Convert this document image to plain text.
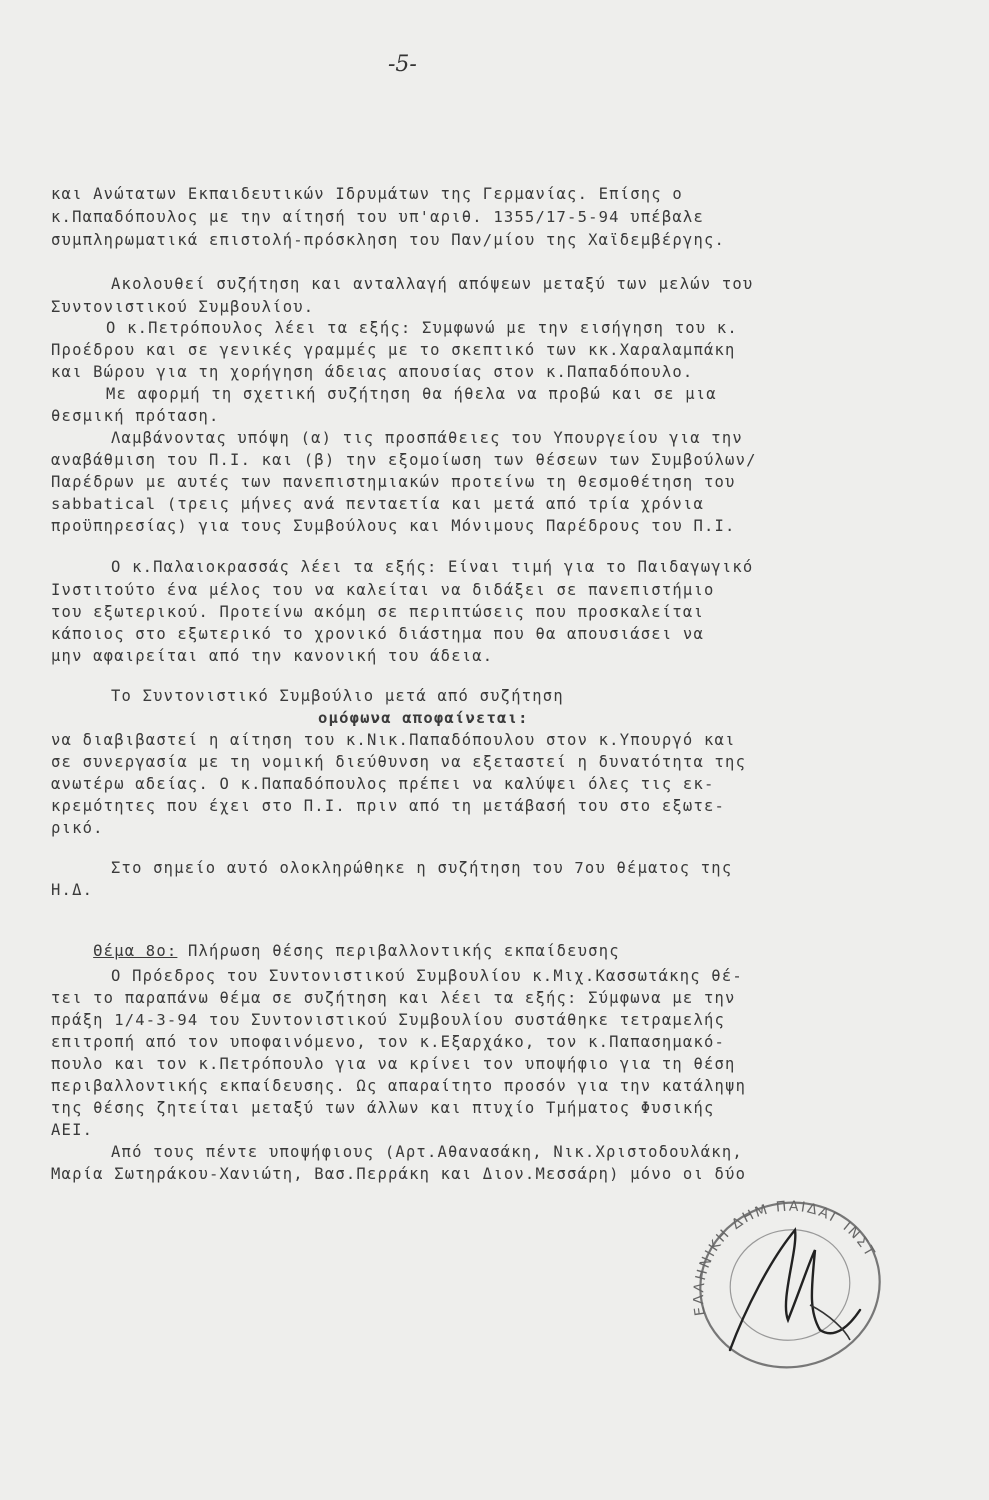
-5-
και Ανώτατων Εκπαιδευτικών Ιδρυμάτων της Γερμανίας. Επίσης ο
κ.Παπαδόπουλος με την αίτησή του υπ'αριθ. 1355/17-5-94 υπέβαλε
συμπληρωματικά επιστολή-πρόσκληση του Παν/μίου της Χαϊδεμβέργης.
Ακολουθεί συζήτηση και ανταλλαγή απόψεων μεταξύ των μελών του
Συντονιστικού Συμβουλίου.
Ο κ.Πετρόπουλος λέει τα εξής: Συμφωνώ με την εισήγηση του κ.
Προέδρου και σε γενικές γραμμές με το σκεπτικό των κκ.Χαραλαμπάκη
και Βώρου για τη χορήγηση άδειας απουσίας στον κ.Παπαδόπουλο.
Με αφορμή τη σχετική συζήτηση θα ήθελα να προβώ και σε μια
θεσμική πρόταση.
Λαμβάνοντας υπόψη (α) τις προσπάθειες του Υπουργείου για την
αναβάθμιση του Π.Ι. και (β) την εξομοίωση των θέσεων των Συμβούλων/
Παρέδρων με αυτές των πανεπιστημιακών προτείνω τη θεσμοθέτηση του
sabbatical (τρεις μήνες ανά πενταετία και μετά από τρία χρόνια
προϋπηρεσίας) για τους Συμβούλους και Μόνιμους Παρέδρους του Π.Ι.
Ο κ.Παλαιοκρασσάς λέει τα εξής: Είναι τιμή για το Παιδαγωγικό
Ινστιτούτο ένα μέλος του να καλείται να διδάξει σε πανεπιστήμιο
του εξωτερικού. Προτείνω ακόμη σε περιπτώσεις που προσκαλείται
κάποιος στο εξωτερικό το χρονικό διάστημα που θα απουσιάσει να
μην αφαιρείται από την κανονική του άδεια.
Το Συντονιστικό Συμβούλιο μετά από συζήτηση
ομόφωνα αποφαίνεται:
να διαβιβαστεί η αίτηση του κ.Νικ.Παπαδόπουλου στον κ.Υπουργό και
σε συνεργασία με τη νομική διεύθυνση να εξεταστεί η δυνατότητα της
ανωτέρω αδείας. Ο κ.Παπαδόπουλος πρέπει να καλύψει όλες τις εκ-
κρεμότητες που έχει στο Π.Ι. πριν από τη μετάβασή του στο εξωτε-
ρικό.
Στο σημείο αυτό ολοκληρώθηκε η συζήτηση του 7ου θέματος της
Η.Δ.

Θέμα 8ο: Πλήρωση θέσης περιβαλλοντικής εκπαίδευσης

Ο Πρόεδρος του Συντονιστικού Συμβουλίου κ.Μιχ.Κασσωτάκης θέ-
τει το παραπάνω θέμα σε συζήτηση και λέει τα εξής: Σύμφωνα με την
πράξη 1/4-3-94 του Συντονιστικού Συμβουλίου συστάθηκε τετραμελής
επιτροπή από τον υποφαινόμενο, τον κ.Εξαρχάκο, τον κ.Παπασημακό-
πουλο και τον κ.Πετρόπουλο για να κρίνει τον υποψήφιο για τη θέση
περιβαλλοντικής εκπαίδευσης. Ως απαραίτητο προσόν για την κατάληψη
της θέσης ζητείται μεταξύ των άλλων και πτυχίο Τμήματος Φυσικής
ΑΕΙ.
Από τους πέντε υποψήφιους (Αρτ.Αθανασάκη, Νικ.Χριστοδουλάκη,
Μαρία Σωτηράκου-Χανιώτη, Βασ.Περράκη και Διον.Μεσσάρη) μόνο οι δύο
ΕΛΛΗΝΙΚΗ ΔΗΜ ΠΑΙΔΑΓ ΙΝΣΤ
